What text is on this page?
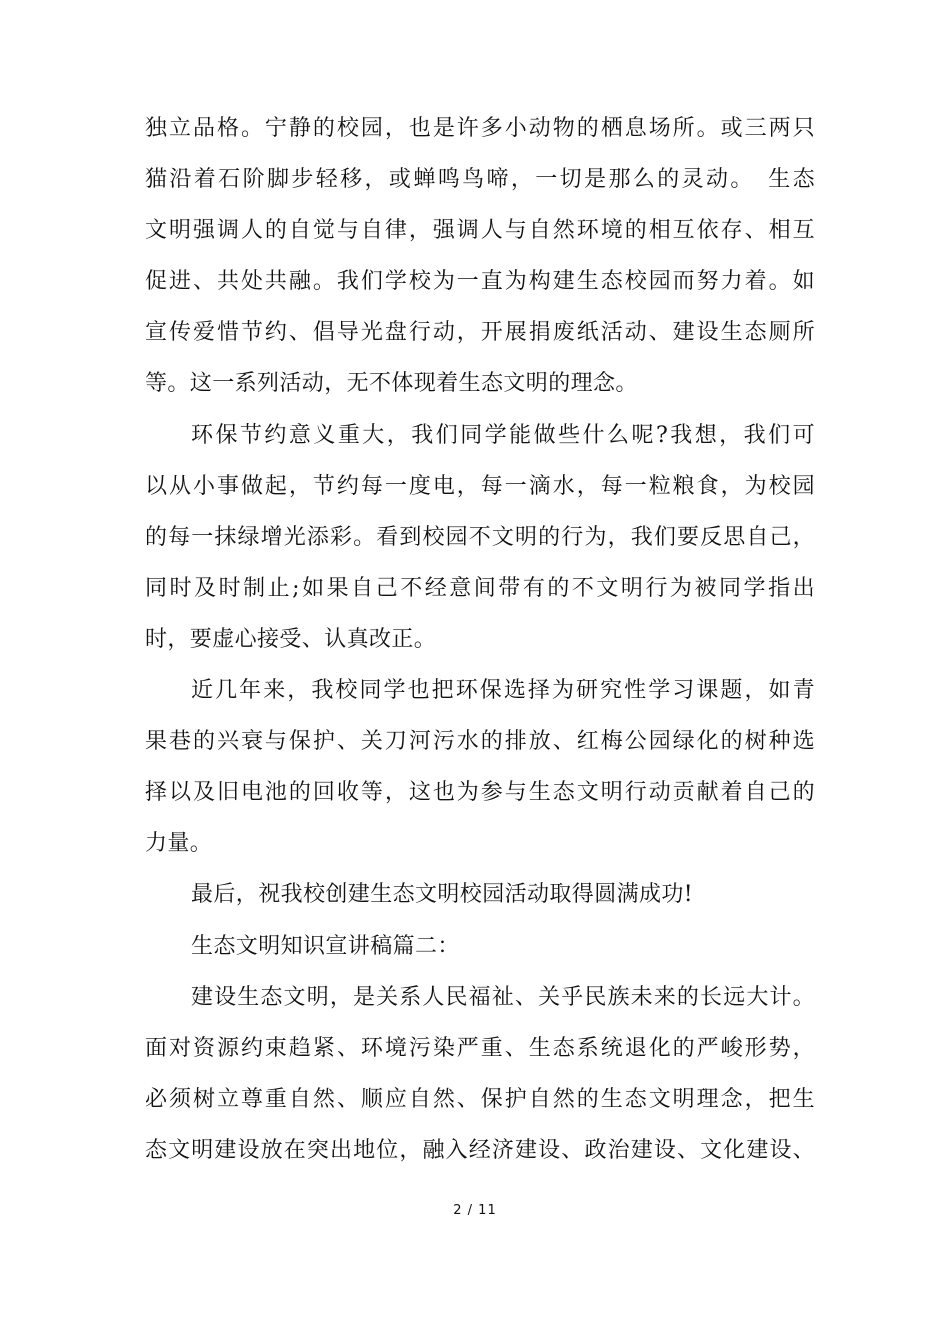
独立品格。宁静的校园，也是许多小动物的栖息场所。或三两只
猫沿着石阶脚步轻移，或蝉鸣鸟啼，一切是那么的灵动。　生态
文明强调人的自觉与自律，强调人与自然环境的相互依存、相互
促进、共处共融。我们学校为一直为构建生态校园而努力着。如
宣传爱惜节约、倡导光盘行动，开展捐废纸活动、建设生态厕所
等。这一系列活动，无不体现着生态文明的理念。
环保节约意义重大，我们同学能做些什么呢?我想，我们可
以从小事做起，节约每一度电，每一滴水，每一粒粮食，为校园
的每一抹绿增光添彩。看到校园不文明的行为，我们要反思自己，
同时及时制止;如果自己不经意间带有的不文明行为被同学指出
时，要虚心接受、认真改正。
近几年来，我校同学也把环保选择为研究性学习课题，如青
果巷的兴衰与保护、关刀河污水的排放、红梅公园绿化的树种选
择以及旧电池的回收等，这也为参与生态文明行动贡献着自己的
力量。
最后，祝我校创建生态文明校园活动取得圆满成功!
生态文明知识宣讲稿篇二：
建设生态文明，是关系人民福祉、关乎民族未来的长远大计。
面对资源约束趋紧、环境污染严重、生态系统退化的严峻形势，
必须树立尊重自然、顺应自然、保护自然的生态文明理念，把生
态文明建设放在突出地位，融入经济建设、政治建设、文化建设、
2 / 11
